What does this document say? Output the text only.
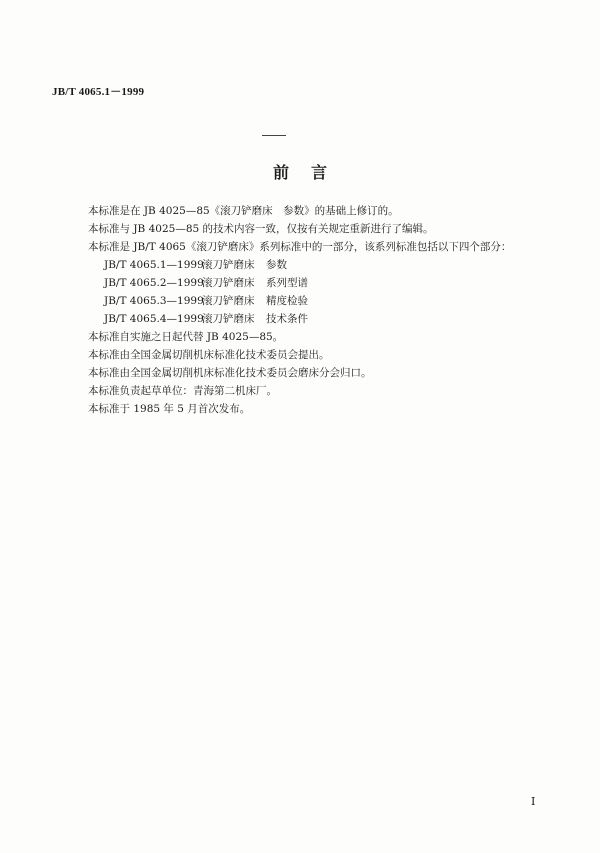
JB/T 4065.1－1999
前言
本标准是在 JB 4025—85《滚刀铲磨床　参数》的基础上修订的。
本标准与 JB 4025—85 的技术内容一致，仅按有关规定重新进行了编辑。
本标准是 JB/T 4065《滚刀铲磨床》系列标准中的一部分，该系列标准包括以下四个部分：
JB/T 4065.1—1999滚刀铲磨床 参数
JB/T 4065.2—1999滚刀铲磨床 系列型谱
JB/T 4065.3—1999滚刀铲磨床 精度检验
JB/T 4065.4—1999滚刀铲磨床 技术条件
本标准自实施之日起代替 JB 4025—85。
本标准由全国金属切削机床标准化技术委员会提出。
本标准由全国金属切削机床标准化技术委员会磨床分会归口。
本标准负责起草单位：青海第二机床厂。
本标准于 1985 年 5 月首次发布。
I
